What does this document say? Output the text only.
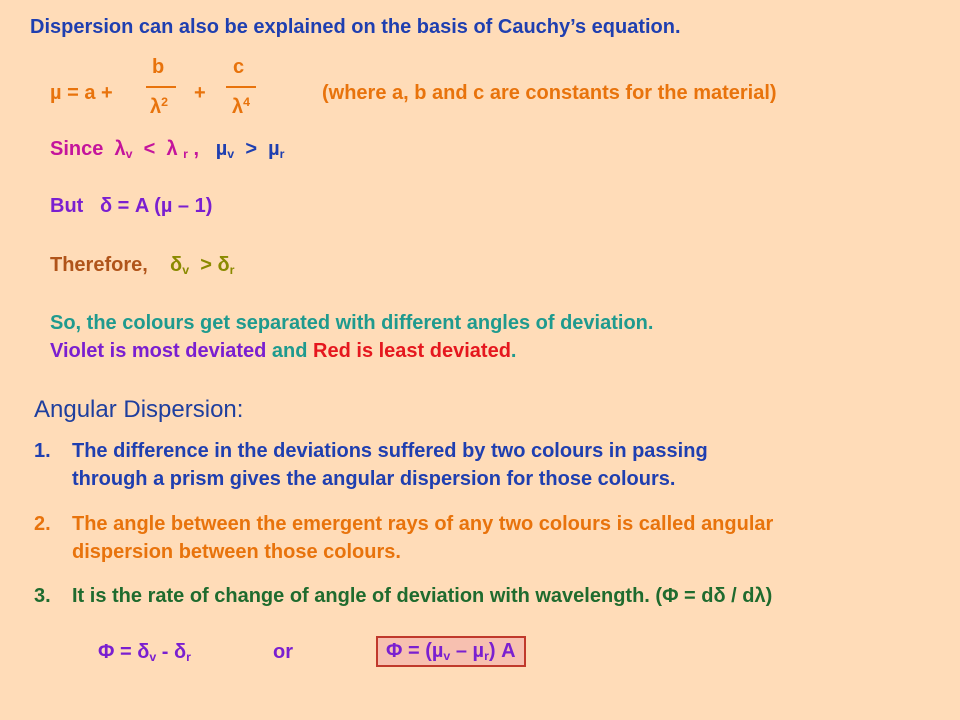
Dispersion can also be explained on the basis of Cauchy’s equation.
µ = a +
b
$\lambda^2$ +
c
$\lambda^4$	(where a, b and c are constants for the material)
Since $\lambda_v < \lambda$ $_r$ , µ$_v$ > µ$_r$
But δ = A (µ – 1)
Therefore, $\delta_v > \delta_r$
So, the colours get separated with different angles of deviation.
Violet is most deviated and Red is least deviated.
Angular Dispersion:
1. The difference in the deviations suffered by two colours in passing
through a prism gives the angular dispersion for those colours.
2. The angle between the emergent rays of any two colours is called angular
dispersion between those colours.
3. It is the rate of change of angle of deviation with wavelength. (Φ = dδ / dλ)
$\Phi = \delta_v - \delta_r$	or	Φ = (µ$_v$ – µ$_r$) A
